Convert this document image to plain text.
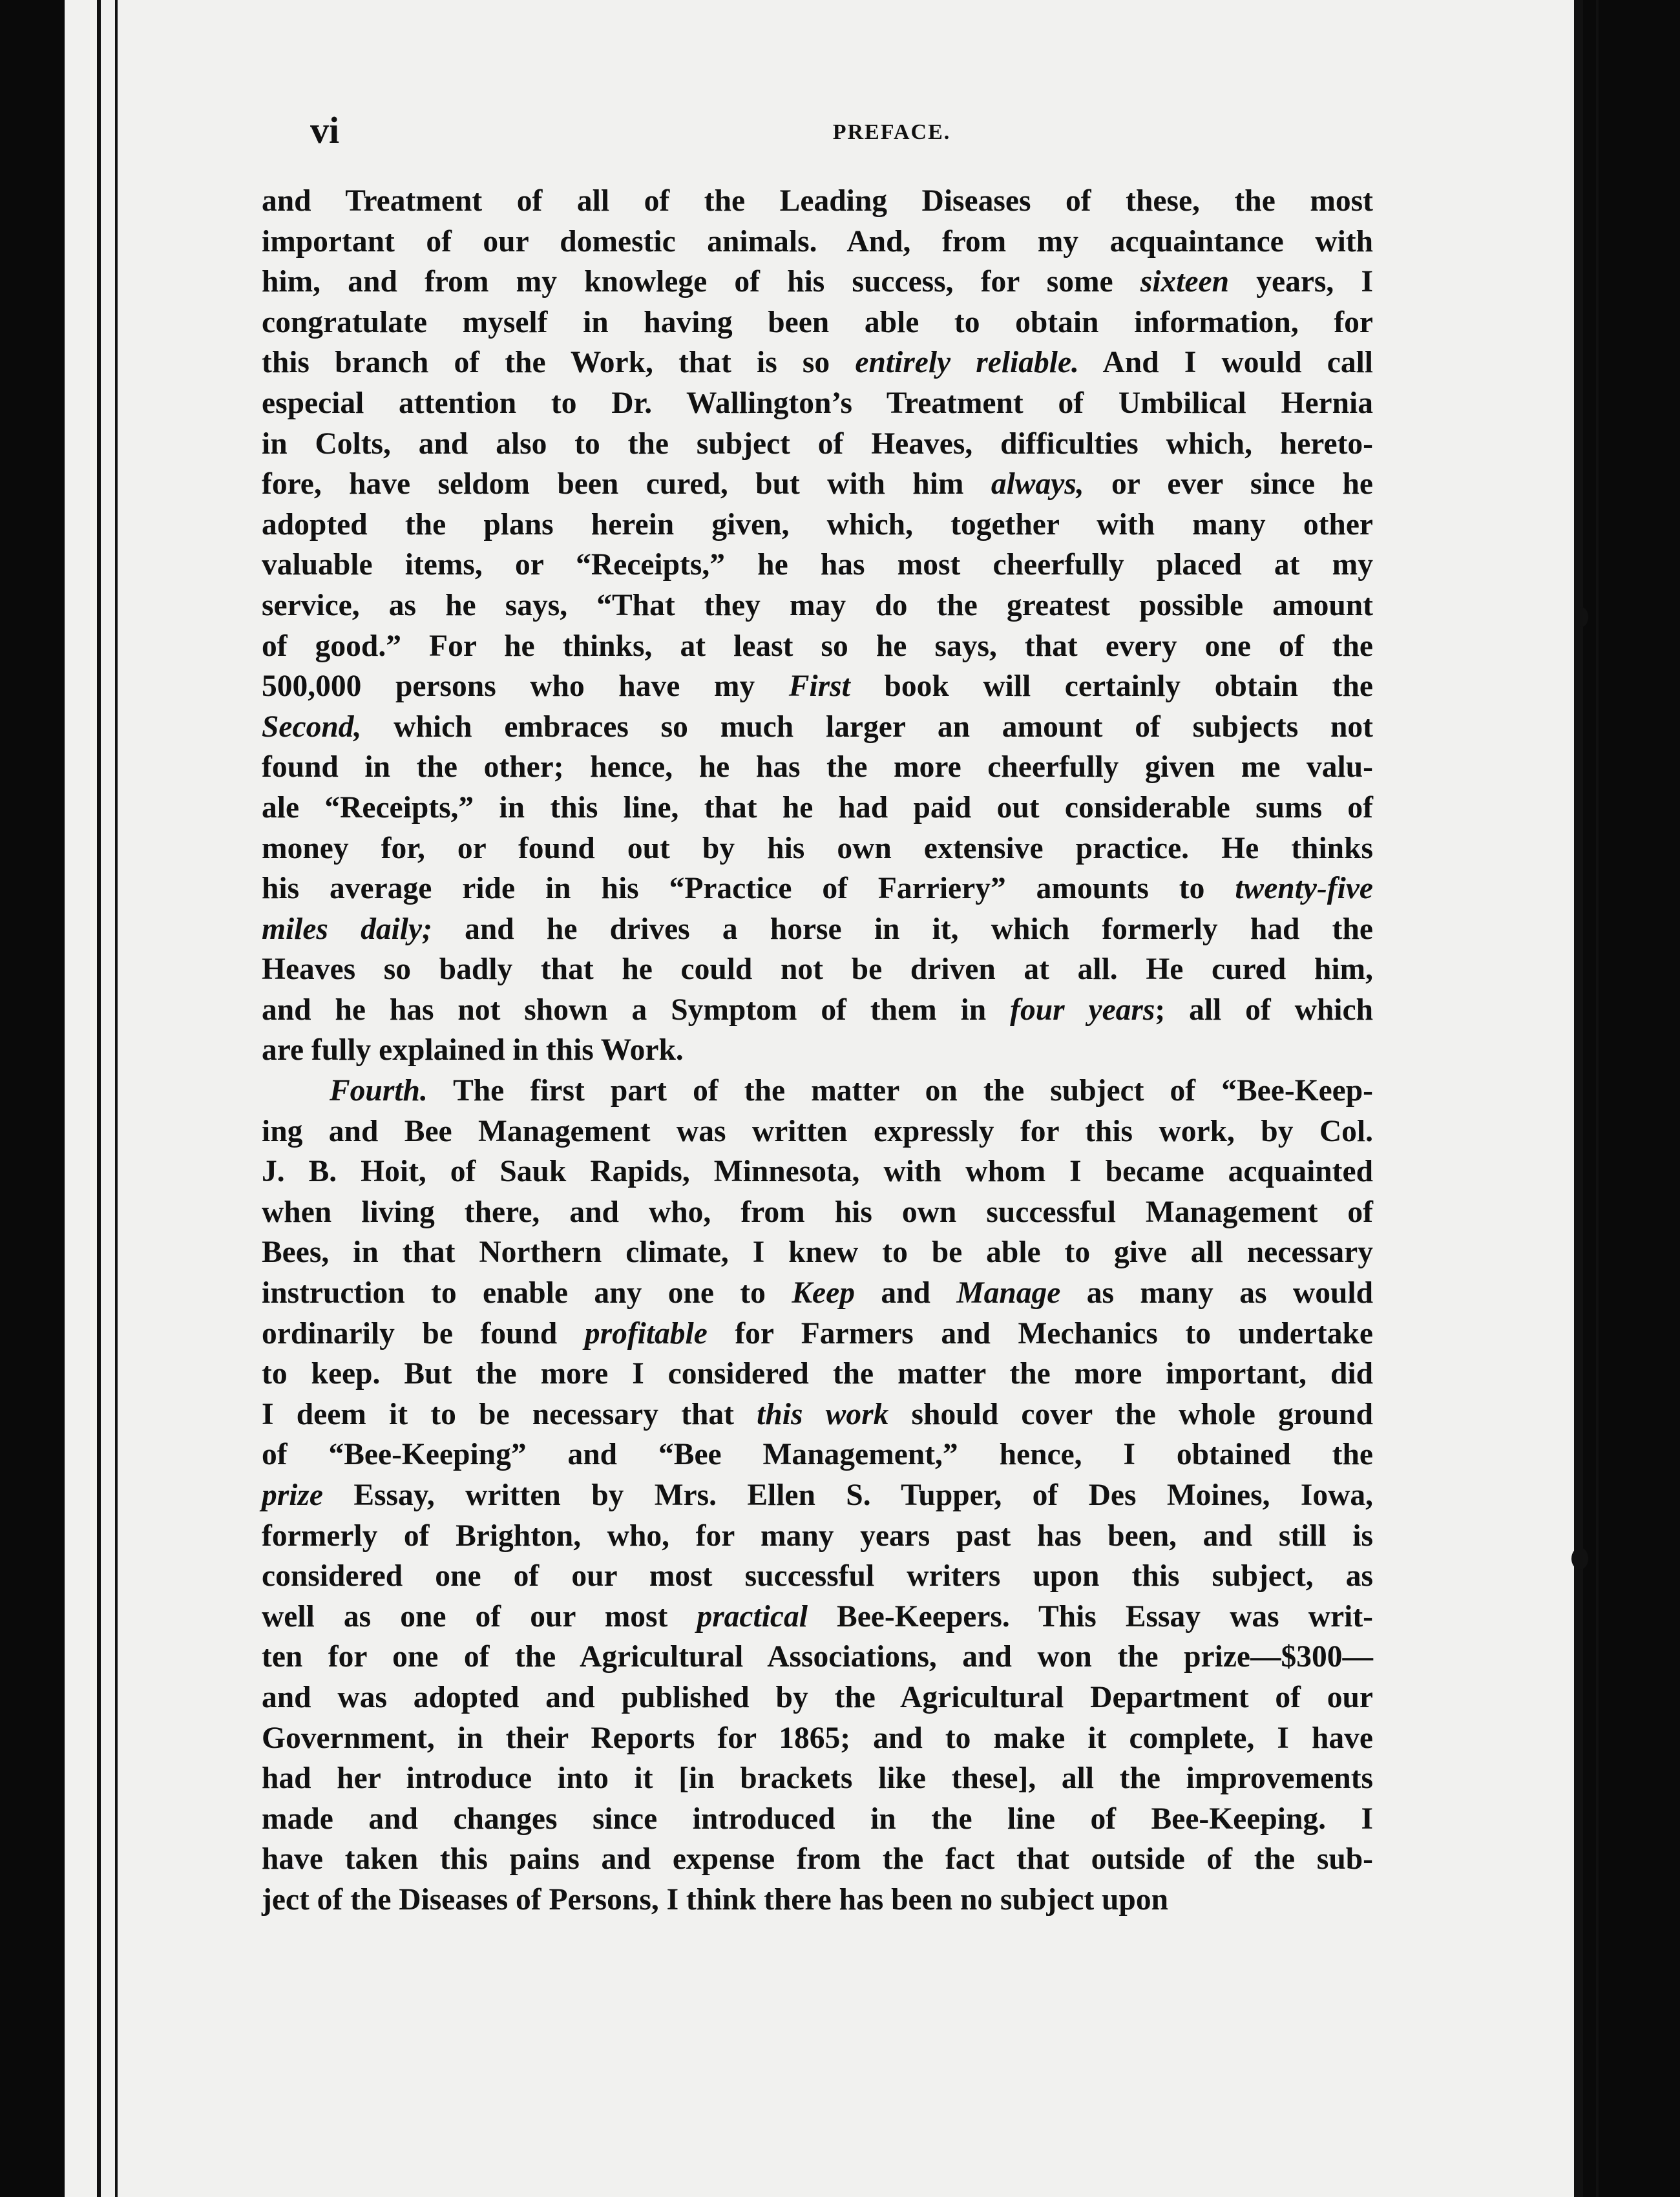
vi	PREFACE.
and Treatment of all of the Leading Diseases of these, the most
important of our domestic animals. And, from my acquaintance with
him, and from my knowlege of his success, for some sixteen years, I
congratulate myself in having been able to obtain information, for
this branch of the Work, that is so entirely reliable. And I would call
especial attention to Dr. Wallington’s Treatment of Umbilical Hernia
in Colts, and also to the subject of Heaves, difficulties which, hereto-
fore, have seldom been cured, but with him always, or ever since he
adopted the plans herein given, which, together with many other
valuable items, or “Receipts,” he has most cheerfully placed at my
service, as he says, “That they may do the greatest possible amount
of good.” For he thinks, at least so he says, that every one of the
500,000 persons who have my First book will certainly obtain the
Second, which embraces so much larger an amount of subjects not
found in the other; hence, he has the more cheerfully given me valu-
ale “Receipts,” in this line, that he had paid out considerable sums of
money for, or found out by his own extensive practice. He thinks
his average ride in his “Practice of Farriery” amounts to twenty-five
miles daily; and he drives a horse in it, which formerly had the
Heaves so badly that he could not be driven at all. He cured him,
and he has not shown a Symptom of them in four years; all of which
are fully explained in this Work.
Fourth. The first part of the matter on the subject of “Bee-Keep-
ing and Bee Management was written expressly for this work, by Col.
J. B. Hoit, of Sauk Rapids, Minnesota, with whom I became acquainted
when living there, and who, from his own successful Management of
Bees, in that Northern climate, I knew to be able to give all necessary
instruction to enable any one to Keep and Manage as many as would
ordinarily be found profitable for Farmers and Mechanics to undertake
to keep. But the more I considered the matter the more important, did
I deem it to be necessary that this work should cover the whole ground
of “Bee-Keeping” and “Bee Management,” hence, I obtained the
prize Essay, written by Mrs. Ellen S. Tupper, of Des Moines, Iowa,
formerly of Brighton, who, for many years past has been, and still is
considered one of our most successful writers upon this subject, as
well as one of our most practical Bee-Keepers. This Essay was writ-
ten for one of the Agricultural Associations, and won the prize—$300—
and was adopted and published by the Agricultural Department of our
Government, in their Reports for 1865; and to make it complete, I have
had her introduce into it [in brackets like these], all the improvements
made and changes since introduced in the line of Bee-Keeping. I
have taken this pains and expense from the fact that outside of the sub-
ject of the Diseases of Persons, I think there has been no subject upon
